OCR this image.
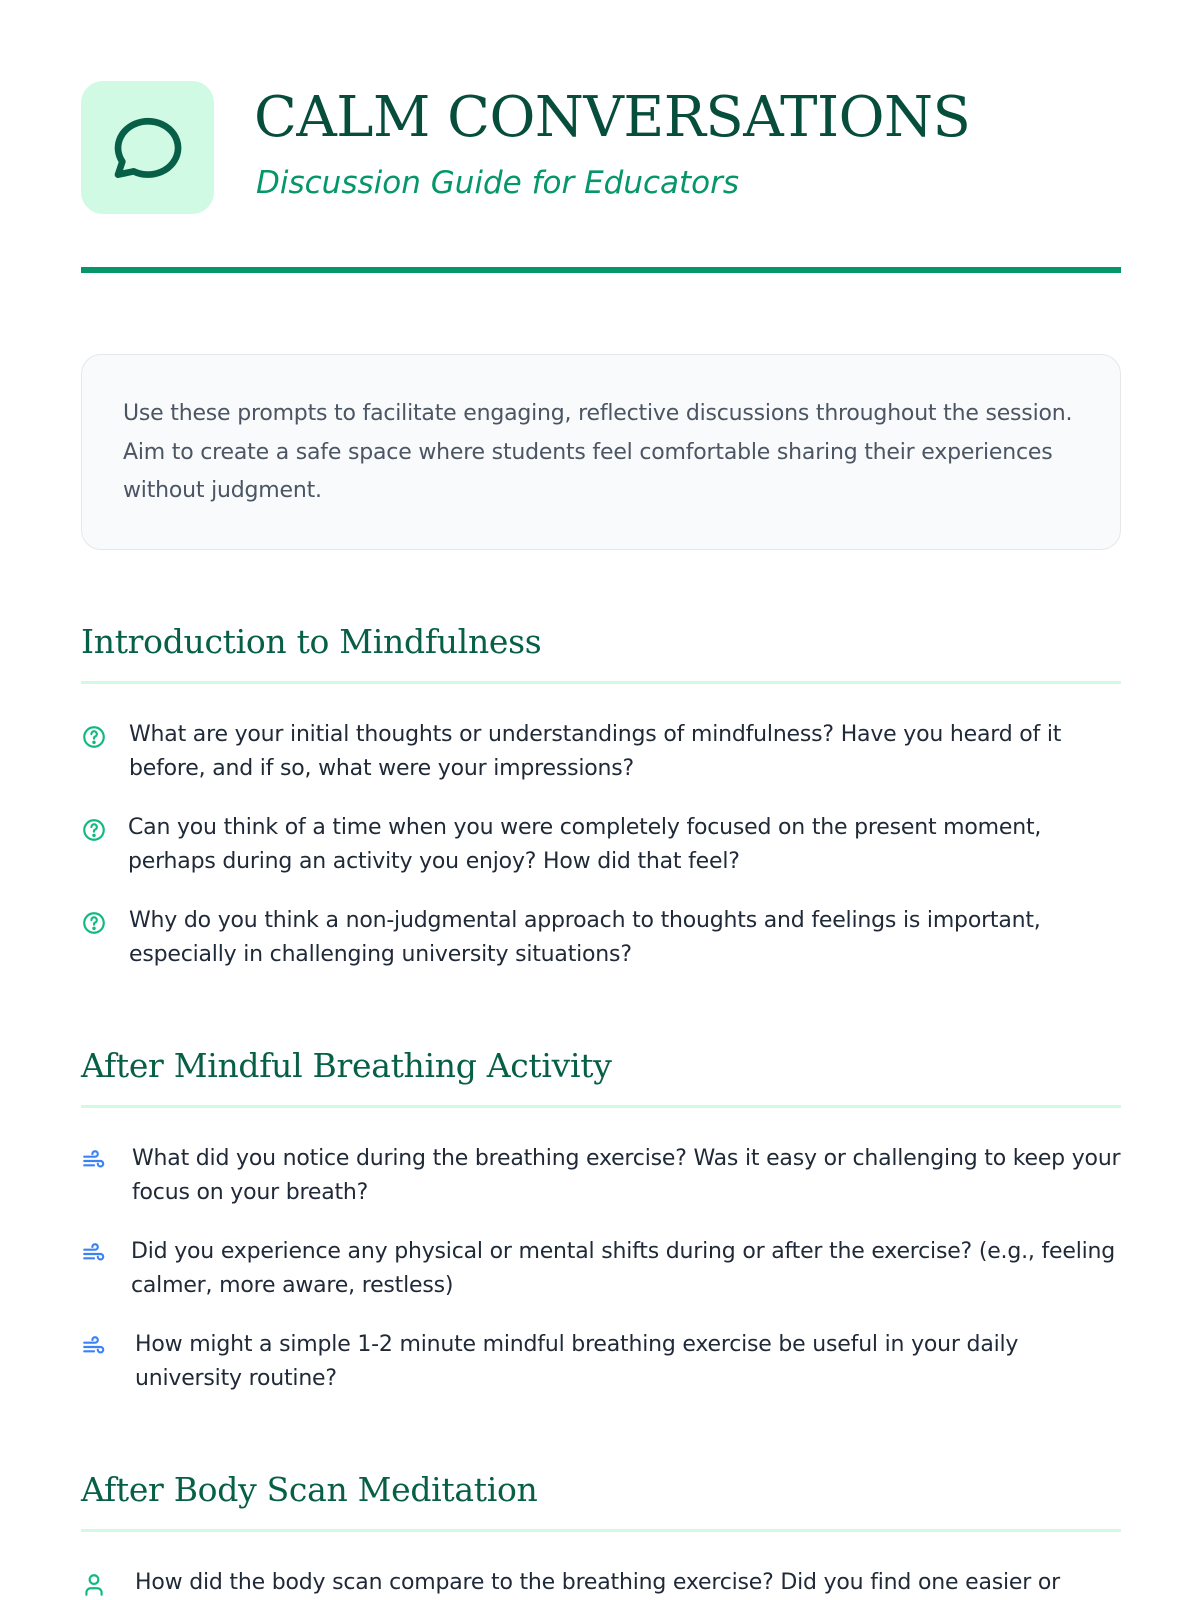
CALM CONVERSATIONS

Discussion Guide for Educators

Use these prompts to facilitate engaging, reflective discussions throughout the session. Aim to create a safe space where students feel comfortable sharing their experiences without judgment.

Introduction to Mindfulness

What are your initial thoughts or understandings of mindfulness? Have you heard of it before, and if so, what were your impressions?

Can you think of a time when you were completely focused on the present moment, perhaps during an activity you enjoy? How did that feel?

Why do you think a non-judgmental approach to thoughts and feelings is important, especially in challenging university situations?

After Mindful Breathing Activity

What did you notice during the breathing exercise? Was it easy or challenging to keep your focus on your breath?

Did you experience any physical or mental shifts during or after the exercise? (e.g., feeling calmer, more aware, restless)

How might a simple 1-2 minute mindful breathing exercise be useful in your daily university routine?

After Body Scan Meditation

How did the body scan compare to the breathing exercise? Did you find one easier or
